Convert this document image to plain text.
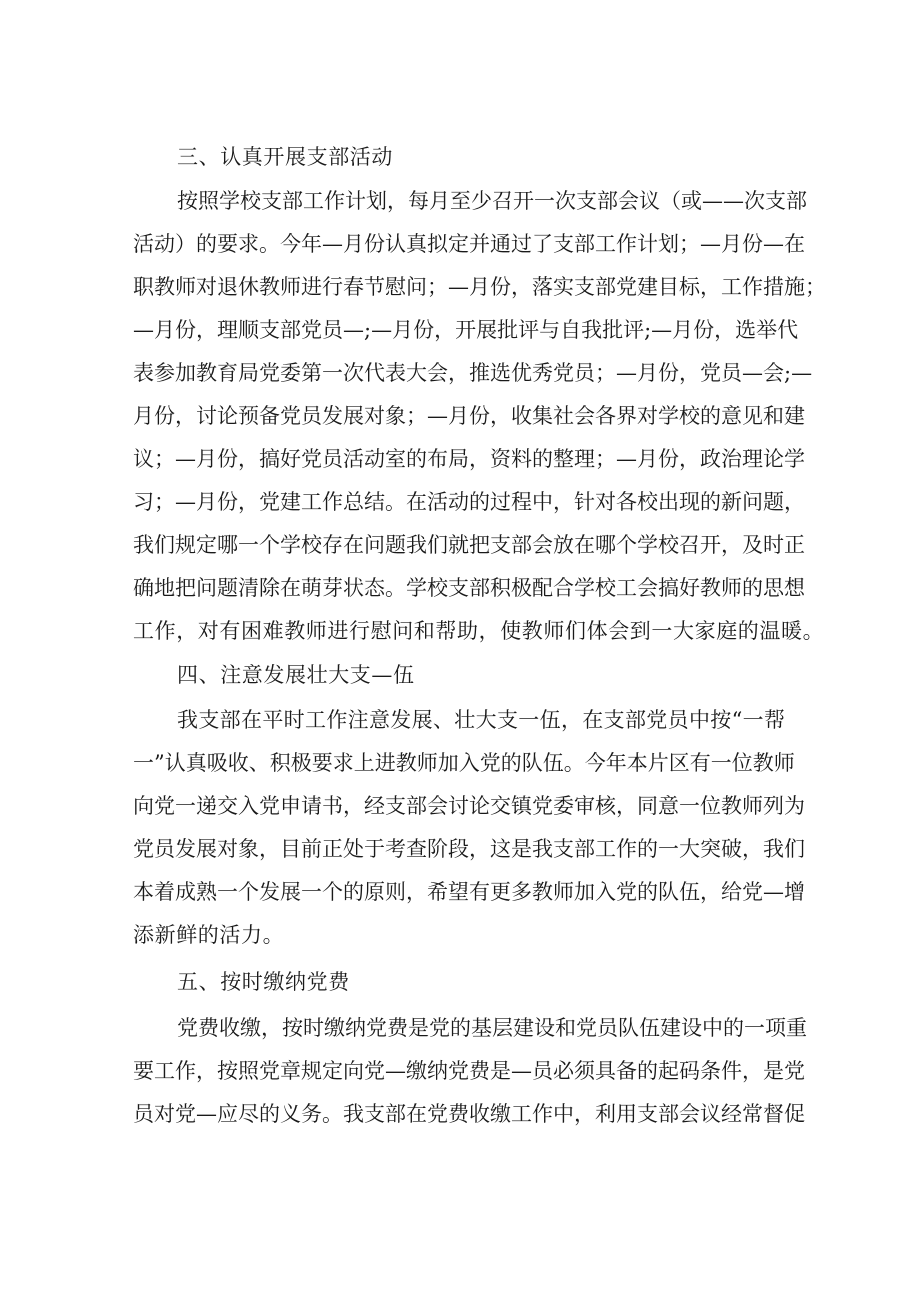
三、认真开展支部活动
按照学校支部工作计划，每月至少召开一次支部会议（或——次支部
活动）的要求。今年—月份认真拟定并通过了支部工作计划；—月份—在
职教师对退休教师进行春节慰问；—月份，落实支部党建目标，工作措施；
—月份，理顺支部党员—;—月份，开展批评与自我批评;—月份，选举代
表参加教育局党委第一次代表大会，推选优秀党员；—月份，党员—会;—
月份，讨论预备党员发展对象；—月份，收集社会各界对学校的意见和建
议；—月份，搞好党员活动室的布局，资料的整理；—月份，政治理论学
习；—月份，党建工作总结。在活动的过程中，针对各校出现的新问题，
我们规定哪一个学校存在问题我们就把支部会放在哪个学校召开，及时正
确地把问题清除在萌芽状态。学校支部积极配合学校工会搞好教师的思想
工作，对有困难教师进行慰问和帮助，使教师们体会到一大家庭的温暖。
四、注意发展壮大支—伍
我支部在平时工作注意发展、壮大支一伍，在支部党员中按“一帮
一”认真吸收、积极要求上进教师加入党的队伍。今年本片区有一位教师
向党一递交入党申请书，经支部会讨论交镇党委审核，同意一位教师列为
党员发展对象，目前正处于考查阶段，这是我支部工作的一大突破，我们
本着成熟一个发展一个的原则，希望有更多教师加入党的队伍，给党—增
添新鲜的活力。
五、按时缴纳党费
党费收缴，按时缴纳党费是党的基层建设和党员队伍建设中的一项重
要工作，按照党章规定向党—缴纳党费是—员必须具备的起码条件，是党
员对党—应尽的义务。我支部在党费收缴工作中，利用支部会议经常督促
